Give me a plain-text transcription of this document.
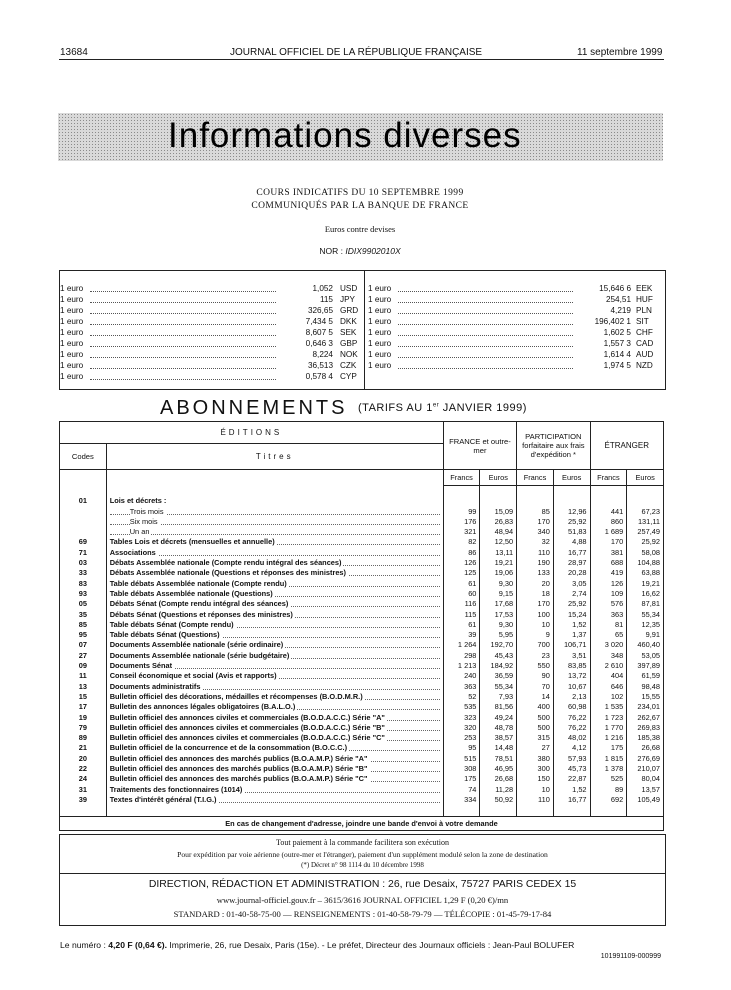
13684	JOURNAL OFFICIEL DE LA RÉPUBLIQUE FRANÇAISE	11 septembre 1999
Informations diverses
COURS INDICATIFS DU 10 SEPTEMBRE 1999
COMMUNIQUÉS PAR LA BANQUE DE FRANCE
Euros contre devises
NOR : IDIX9902010X
1 euro	1,052 USD
1 euro	115 JPY
1 euro	326,65 GRD
1 euro	7,434 5 DKK
1 euro	8,607 5 SEK
1 euro	0,646 3 GBP
1 euro	8,224 NOK
1 euro	36,513 CZK
1 euro	0,578 4 CYP
1 euro	15,646 6 EEK
1 euro	254,51 HUF
1 euro	4,219 PLN
1 euro	196,402 1 SIT
1 euro	1,602 5 CHF
1 euro	1,557 3 CAD
1 euro	1,614 4 AUD
1 euro	1,974 5 NZD
ABONNEMENTS (TARIFS AU 1er JANVIER 1999)
ÉDITIONS		FRANCE et outre-mer		PARTICIPATION forfaitaire aux frais d'expédition *		ÉTRANGER	
Codes	Titres						
		Francs	Euros	Francs	Euros	Francs	Euros

01	Lois et décrets :						

Trois mois	99	15,09	85	12,96	441	67,23

Six mois	176	26,83	170	25,92	860	131,11

Un an	321	48,94	340	51,83	1 689	257,49
69	Tables Lois et décrets (mensuelles et annuelle)	82	12,50	32	4,88	170	25,92
71	Associations	86	13,11	110	16,77	381	58,08
03	Débats Assemblée nationale (Compte rendu intégral des séances)	126	19,21	190	28,97	688	104,88
33	Débats Assemblée nationale (Questions et réponses des ministres)	125	19,06	133	20,28	419	63,88
83	Table débats Assemblée nationale (Compte rendu)	61	9,30	20	3,05	126	19,21
93	Table débats Assemblée nationale (Questions)	60	9,15	18	2,74	109	16,62
05	Débats Sénat (Compte rendu intégral des séances)	116	17,68	170	25,92	576	87,81
35	Débats Sénat (Questions et réponses des ministres)	115	17,53	100	15,24	363	55,34
85	Table débats Sénat (Compte rendu)	61	9,30	10	1,52	81	12,35
95	Table débats Sénat (Questions)	39	5,95	9	1,37	65	9,91
07	Documents Assemblée nationale (série ordinaire)	1 264	192,70	700	106,71	3 020	460,40
27	Documents Assemblée nationale (série budgétaire)	298	45,43	23	3,51	348	53,05
09	Documents Sénat	1 213	184,92	550	83,85	2 610	397,89
11	Conseil économique et social (Avis et rapports)	240	36,59	90	13,72	404	61,59
13	Documents administratifs	363	55,34	70	10,67	646	98,48
15	Bulletin officiel des décorations, médailles et récompenses (B.O.D.M.R.)	52	7,93	14	2,13	102	15,55
17	Bulletin des annonces légales obligatoires (B.A.L.O.)	535	81,56	400	60,98	1 535	234,01
19	Bulletin officiel des annonces civiles et commerciales (B.O.D.A.C.C.) Série "A"	323	49,24	500	76,22	1 723	262,67
79	Bulletin officiel des annonces civiles et commerciales (B.O.D.A.C.C.) Série "B"	320	48,78	500	76,22	1 770	269,83
89	Bulletin officiel des annonces civiles et commerciales (B.O.D.A.C.C.) Série "C"	253	38,57	315	48,02	1 216	185,38
21	Bulletin officiel de la concurrence et de la consommation (B.O.C.C.)	95	14,48	27	4,12	175	26,68
20	Bulletin officiel des annonces des marchés publics (B.O.A.M.P.) Série "A"	515	78,51	380	57,93	1 815	276,69
22	Bulletin officiel des annonces des marchés publics (B.O.A.M.P.) Série "B"	308	46,95	300	45,73	1 378	210,07
24	Bulletin officiel des annonces des marchés publics (B.O.A.M.P.) Série "C"	175	26,68	150	22,87	525	80,04
31	Traitements des fonctionnaires (1014)	74	11,28	10	1,52	89	13,57
39	Textes d'intérêt général (T.I.G.)	334	50,92	110	16,77	692	105,49

En cas de changement d'adresse, joindre une bande d'envoi à votre demande							
Tout paiement à la commande facilitera son exécution
Pour expédition par voie aérienne (outre-mer et l'étranger), paiement d'un supplément modulé selon la zone de destination
(*) Décret n° 98 1114 du 10 décembre 1998
DIRECTION, RÉDACTION ET ADMINISTRATION : 26, rue Desaix, 75727 PARIS CEDEX 15
www.journal-officiel.gouv.fr – 3615/3616 JOURNAL OFFICIEL 1,29 F (0,20 €)/mn
STANDARD : 01-40-58-75-00 — RENSEIGNEMENTS : 01-40-58-79-79 — TÉLÉCOPIE : 01-45-79-17-84
Le numéro : 4,20 F (0,64 €). Imprimerie, 26, rue Desaix, Paris (15e). - Le préfet, Directeur des Journaux officiels : Jean-Paul BOLUFER
101991109-000999
